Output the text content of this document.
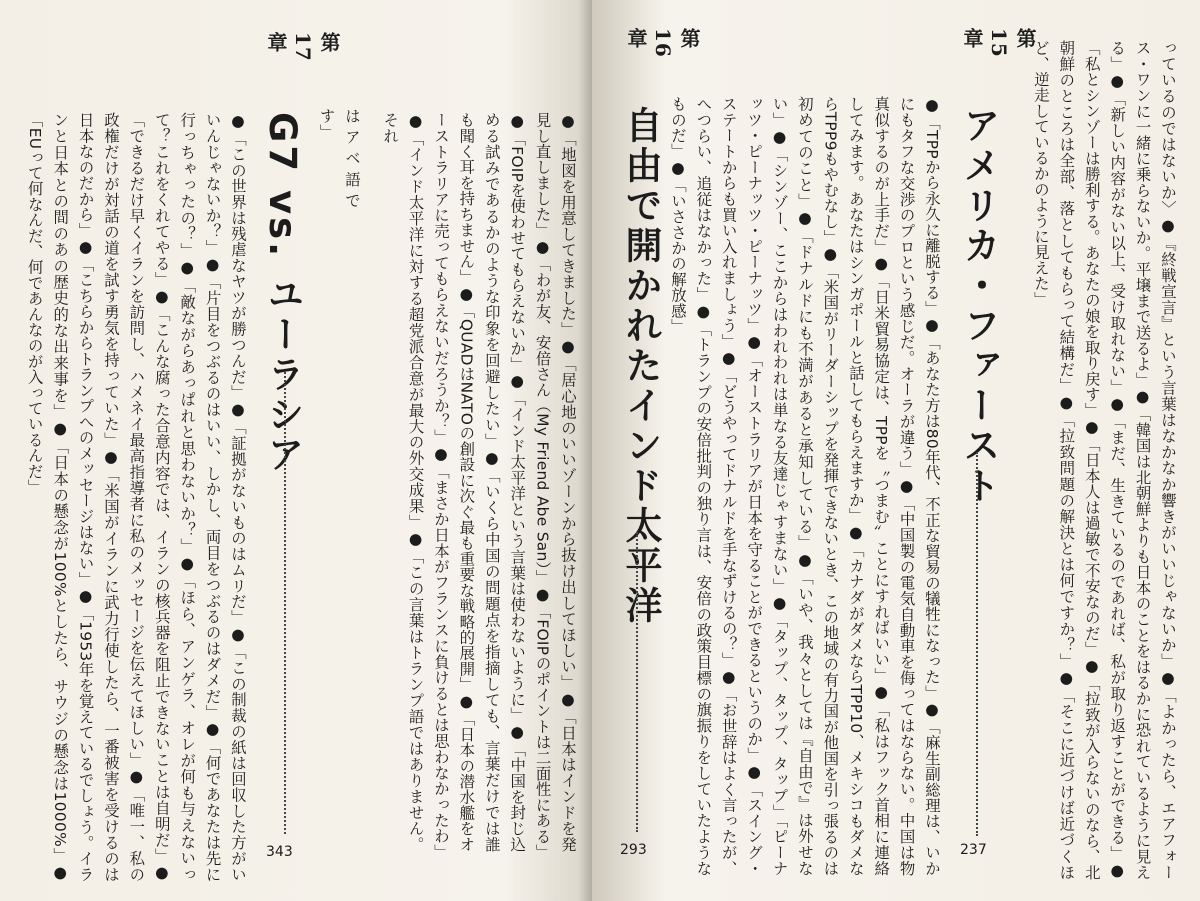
はアベ語です」
第17章
G7 vs. ユーラシア
343	●「地図を用意してきました」●「居心地のいいゾーンから抜け出してほしい」●「日本はインドを発見し直しました」●「わが友、安倍さん（My Friend Abe San）」●「FOIPのポイントは二面性にある」●「FOIPを使わせてもらえないか」●「インド太平洋という言葉は使わないように」●「中国を封じ込める試みであるかのような印象を回避したい」●「いくら中国の問題点を指摘しても、言葉だけでは誰も聞く耳を持ちません」●「QUADはNATOの創設に次ぐ最も重要な戦略的展開」●「日本の潜水艦をオーストラリアに売ってもらえないだろうか？」●「まさか日本がフランスに負けるとは思わなかったわ」●「インド太平洋に対する超党派合意が最大の外交成果」●「この言葉はトランプ語ではありません。それ
●「この世界は残虐なヤツが勝つんだ」●「証拠がないものはムリだ」●「この制裁の紙は回収した方がいいんじゃないか？」●「片目をつぶるのはいい、しかし、両目をつぶるのはダメだ」●「何であなたは先に行っちゃったの？」●「敵ながらあっぱれと思わないか？」●「ほら、アンゲラ、オレが何も与えないって？これをくれてやる」●「こんな腐った合意内容では、イランの核兵器を阻止できないことは自明だ」●「できるだけ早くイランを訪問し、ハメネイ最高指導者に私のメッセージを伝えてほしい」●「唯一、私の政権だけが対話の道を試す勇気を持っていた」●「米国がイランに武力行使したら、一番被害を受けるのは日本なのだから」●「こちらからトランプへのメッセージはない」●「1953年を覚えているでしょう。イランと日本との間のあの歴史的な出来事を」●「日本の懸念が100%としたら、サウジの懸念は1000%」●「EUって何なんだ、何であんなのが入っているんだ」
第16章
自由で開かれたインド太平洋
293	●「TPPから永久に離脱する」●「あなた方は80年代、不正な貿易の犠牲になった」●「麻生副総理は、いかにもタフな交渉のプロという感じだ。オーラが違う」●「中国製の電気自動車を侮ってはならない。中国は物真似するのが上手だ」●「日米貿易協定は、TPPを〝つまむ〟ことにすればいい」●「私はフック首相に連絡してみます。あなたはシンガポールと話してもらえますか」●「カナダがダメならTPP10、メキシコもダメならTPP9もやむなし」●「米国がリーダーシップを発揮できないとき、この地域の有力国が他国を引っ張るのは初めてのこと」●「ドナルドにも不満があると承知している」●「いや、我々としては『自由で』は外せない」●「シンゾー、ここからはわれわれは単なる友達じゃすまない」●「タップ、タップ、タップ」「ピーナッツ・ピーナッツ・ピーナッツ」●「オーストラリアが日本を守ることができるというのか」●「スイング・ステートからも買い入れましょう」●「どうやってドナルドを手なずけるの？」●「お世辞はよく言ったが、へつらい、追従はなかった」●「トランプの安倍批判の独り言は、安倍の政策目標の旗振りをしていたようなものだ」●「いささかの解放感」
第15章
アメリカ・ファースト
237	っているのではないか〉●『終戦宣言』という言葉はなかなか響きがいいじゃないか」●「よかったら、エアフォース・ワンに一緒に乗らないか。平壌まで送るよ」●「韓国は北朝鮮よりも日本のことをはるかに恐れているように見える」●「新しい内容がない以上、受け取れない」●「まだ、生きているのであれば、私が取り返すことができる」●「私とシンゾーは勝利する。あなたの娘を取り戻す」●「日本人は過敏で不安なのだ」●「拉致が入らないのなら、北朝鮮のところは全部、落としてもらって結構だ」●「拉致問題の解決とは何ですか？」●「そこに近づけば近づくほど、逆走しているかのように見えた」
